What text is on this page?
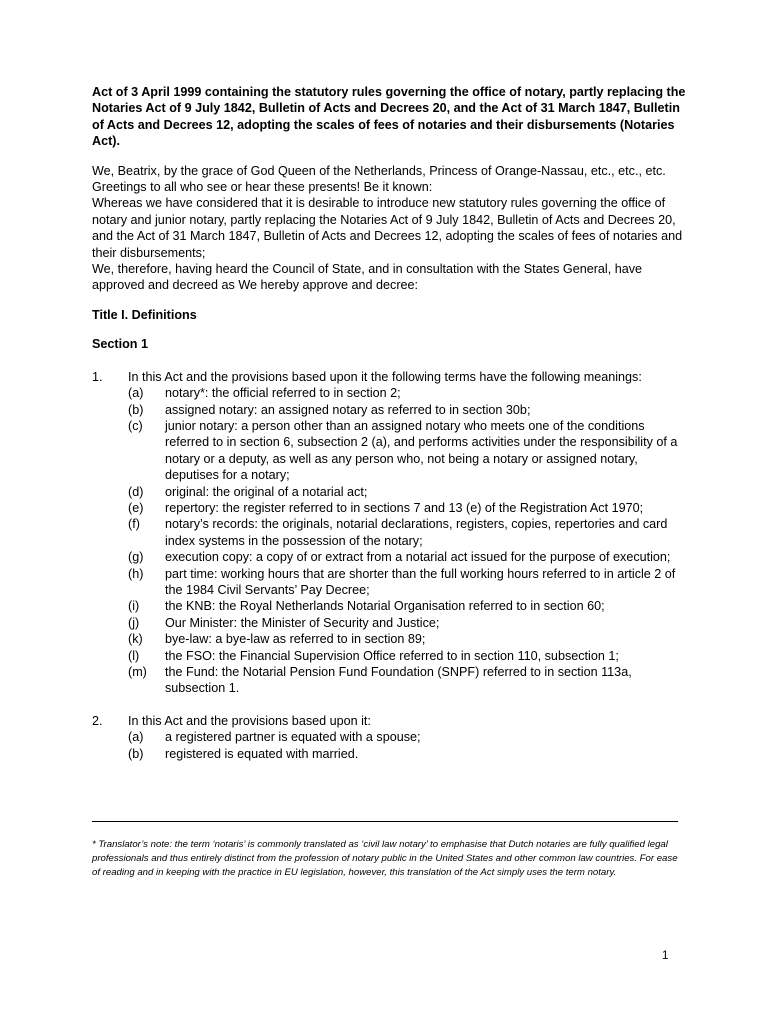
Act of 3 April 1999 containing the statutory rules governing the office of notary, partly replacing the Notaries Act of 9 July 1842, Bulletin of Acts and Decrees 20, and the Act of 31 March 1847, Bulletin of Acts and Decrees 12, adopting the scales of fees of notaries and their disbursements (Notaries Act).

We, Beatrix, by the grace of God Queen of the Netherlands, Princess of Orange-Nassau, etc., etc., etc. Greetings to all who see or hear these presents! Be it known:

Whereas we have considered that it is desirable to introduce new statutory rules governing the office of notary and junior notary, partly replacing the Notaries Act of 9 July 1842, Bulletin of Acts and Decrees 20, and the Act of 31 March 1847, Bulletin of Acts and Decrees 12, adopting the scales of fees of notaries and their disbursements;

We, therefore, having heard the Council of State, and in consultation with the States General, have approved and decreed as We hereby approve and decree:

Title I. Definitions

Section 1

1.	In this Act and the provisions based upon it the following terms have the following meanings:
(a)	notary*: the official referred to in section 2;
(b)	assigned notary: an assigned notary as referred to in section 30b;
(c)	junior notary: a person other than an assigned notary who meets one of the conditions referred to in section 6, subsection 2 (a), and performs activities under the responsibility of a notary or a deputy, as well as any person who, not being a notary or assigned notary, deputises for a notary;
(d)	original: the original of a notarial act;
(e)	repertory: the register referred to in sections 7 and 13 (e) of the Registration Act 1970;
(f)	notary’s records: the originals, notarial declarations, registers, copies, repertories and card index systems in the possession of the notary;
(g)	execution copy: a copy of or extract from a notarial act issued for the purpose of execution;
(h)	part time: working hours that are shorter than the full working hours referred to in article 2 of the 1984 Civil Servants’ Pay Decree;
(i)	the KNB: the Royal Netherlands Notarial Organisation referred to in section 60;
(j)	Our Minister: the Minister of Security and Justice;
(k)	bye-law: a bye-law as referred to in section 89;
(l)	the FSO: the Financial Supervision Office referred to in section 110, subsection 1;
(m)	the Fund: the Notarial Pension Fund Foundation (SNPF) referred to in section 113a, subsection 1.
2.	In this Act and the provisions based upon it:
(a)	a registered partner is equated with a spouse;
(b)	registered is equated with married.
* Translator’s note: the term ‘notaris’ is commonly translated as ‘civil law notary’ to emphasise that Dutch notaries are fully qualified legal professionals and thus entirely distinct from the profession of notary public in the United States and other common law countries. For ease of reading and in keeping with the practice in EU legislation, however, this translation of the Act simply uses the term notary.
1
